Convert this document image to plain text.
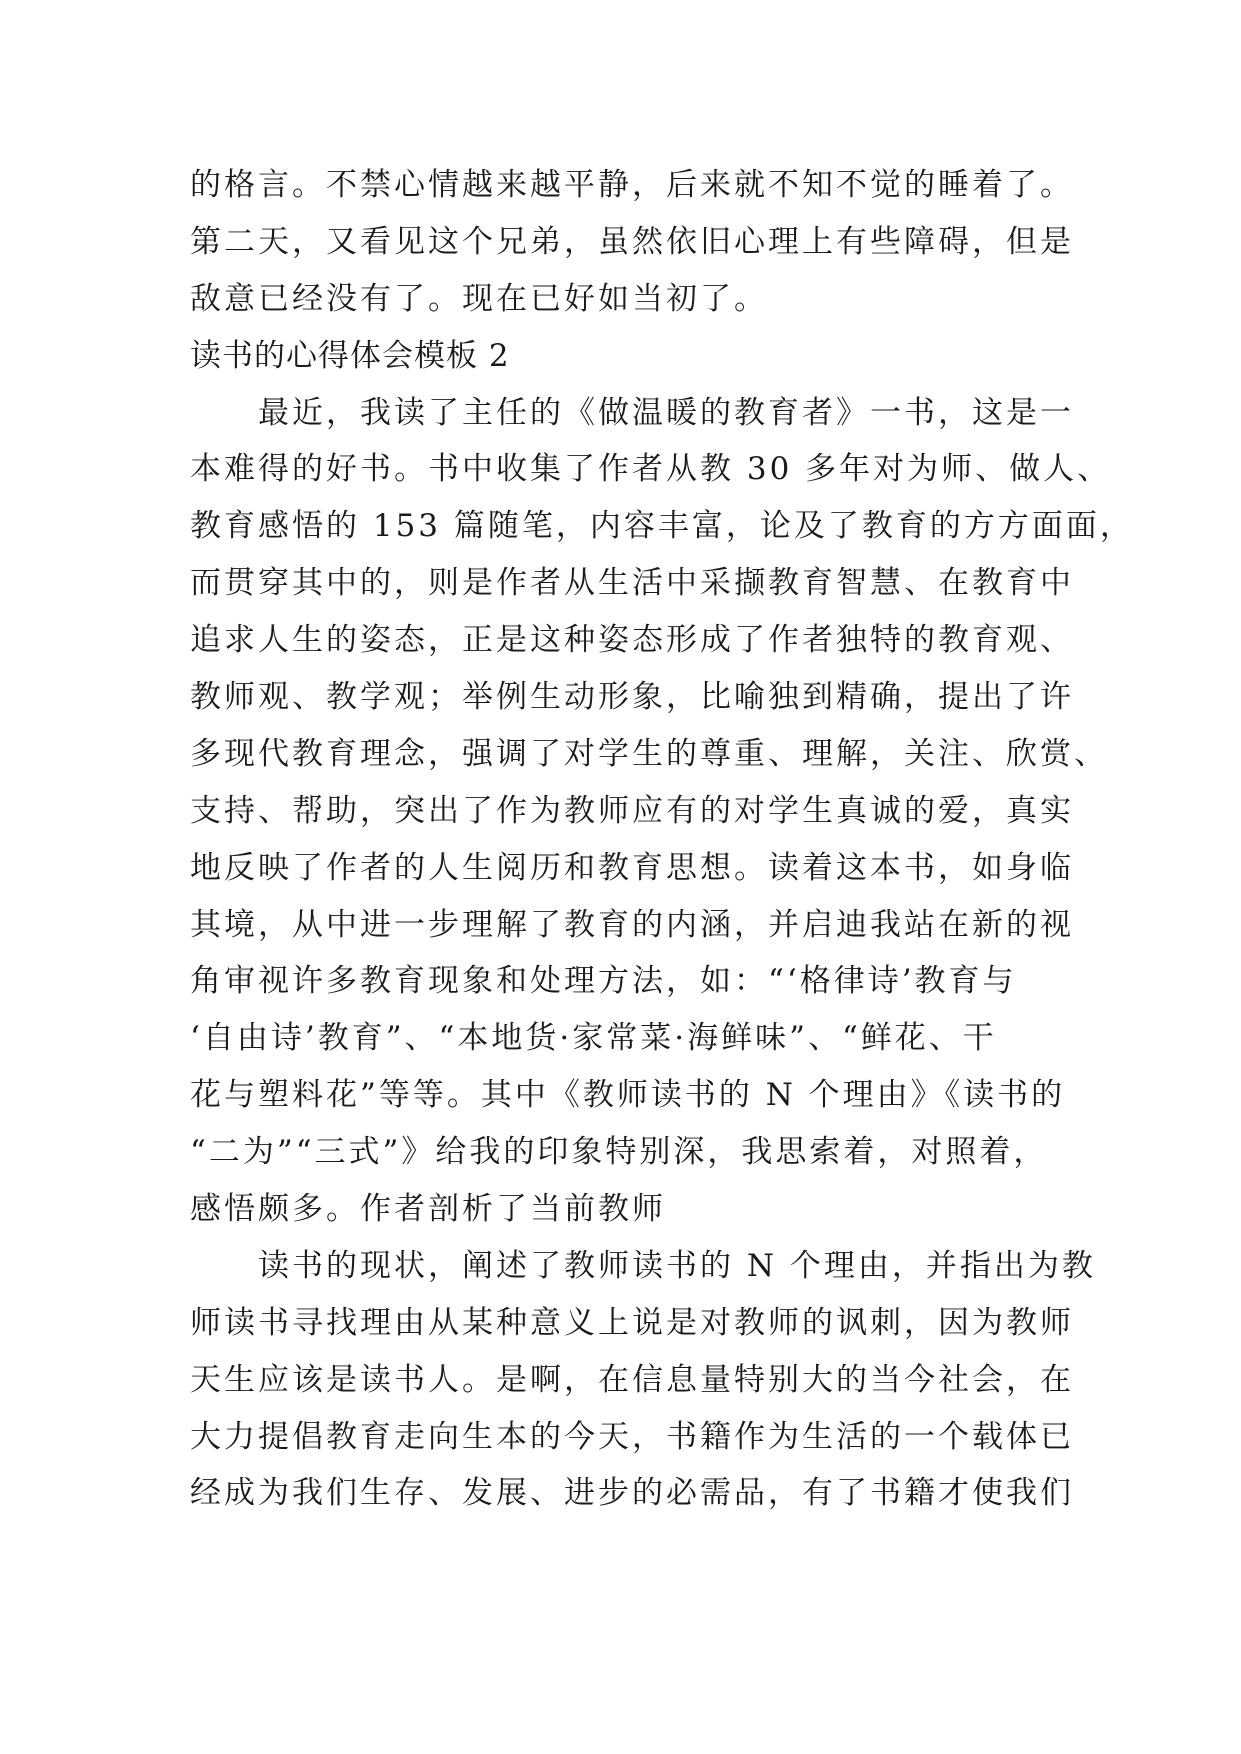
的格言。不禁心情越来越平静，后来就不知不觉的睡着了。
第二天，又看见这个兄弟，虽然依旧心理上有些障碍，但是
敌意已经没有了。现在已好如当初了。
读书的心得体会模板 2
　　最近，我读了主任的《做温暖的教育者》一书，这是一
本难得的好书。书中收集了作者从教 30 多年对为师、做人、
教育感悟的 153 篇随笔，内容丰富，论及了教育的方方面面，
而贯穿其中的，则是作者从生活中采撷教育智慧、在教育中
追求人生的姿态，正是这种姿态形成了作者独特的教育观、
教师观、教学观；举例生动形象，比喻独到精确，提出了许
多现代教育理念，强调了对学生的尊重、理解，关注、欣赏、
支持、帮助，突出了作为教师应有的对学生真诚的爱，真实
地反映了作者的人生阅历和教育思想。读着这本书，如身临
其境，从中进一步理解了教育的内涵，并启迪我站在新的视
角审视许多教育现象和处理方法，如：“‘格律诗’教育与
‘自由诗’教育”、“本地货·家常菜·海鲜味”、“鲜花、干
花与塑料花”等等。其中《教师读书的 N 个理由》《读书的
“二为”“三式”》给我的印象特别深，我思索着，对照着，
感悟颇多。作者剖析了当前教师
　　读书的现状，阐述了教师读书的 N 个理由，并指出为教
师读书寻找理由从某种意义上说是对教师的讽刺，因为教师
天生应该是读书人。是啊，在信息量特别大的当今社会，在
大力提倡教育走向生本的今天，书籍作为生活的一个载体已
经成为我们生存、发展、进步的必需品，有了书籍才使我们
